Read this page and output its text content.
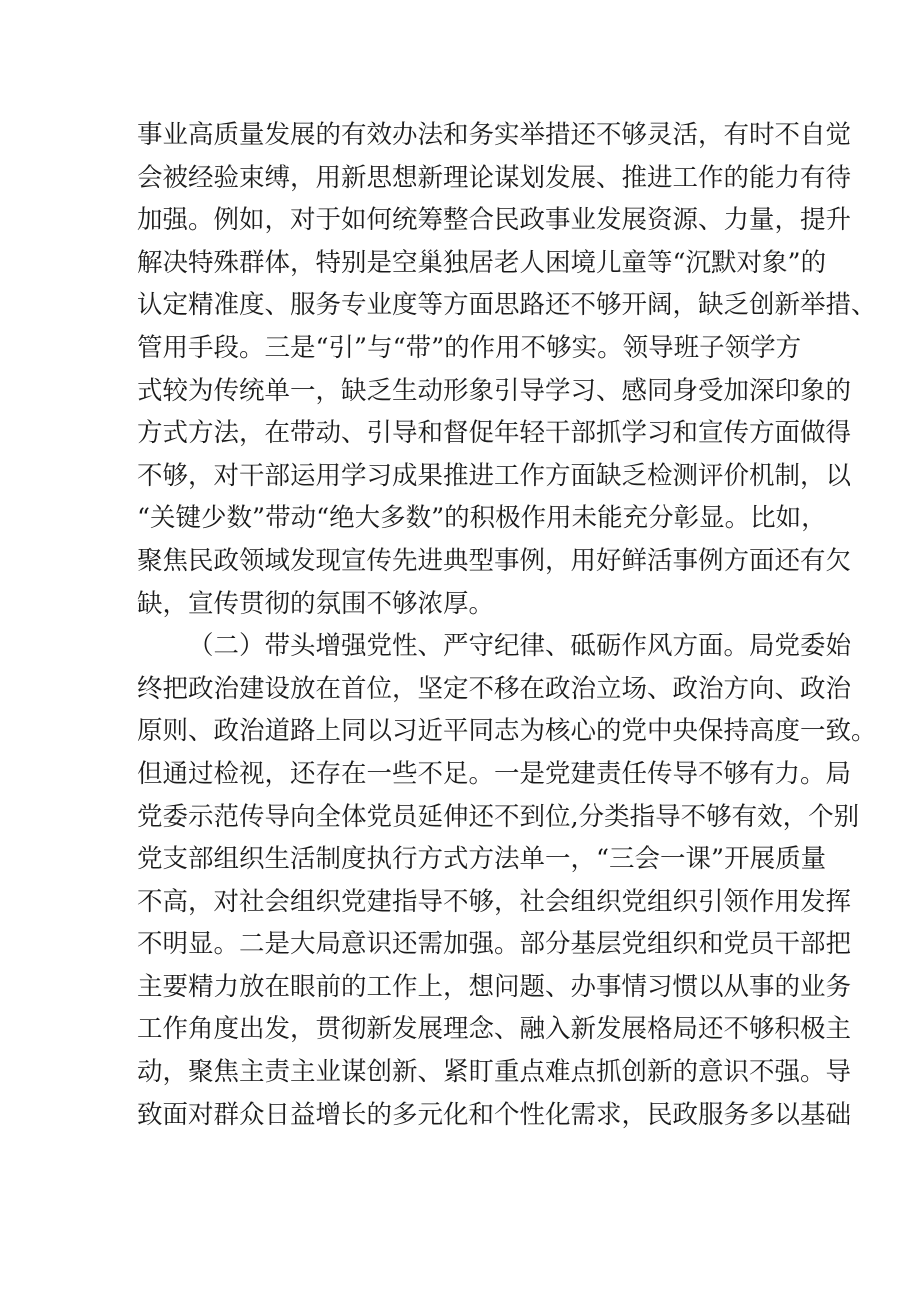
事业高质量发展的有效办法和务实举措还不够灵活，有时不自觉
会被经验束缚，用新思想新理论谋划发展、推进工作的能力有待
加强。例如，对于如何统筹整合民政事业发展资源、力量，提升
解决特殊群体，特别是空巢独居老人困境儿童等“沉默对象”的
认定精准度、服务专业度等方面思路还不够开阔，缺乏创新举措、
管用手段。三是“引”与“带”的作用不够实。领导班子领学方
式较为传统单一，缺乏生动形象引导学习、感同身受加深印象的
方式方法，在带动、引导和督促年轻干部抓学习和宣传方面做得
不够，对干部运用学习成果推进工作方面缺乏检测评价机制，以
“关键少数”带动“绝大多数”的积极作用未能充分彰显。比如，
聚焦民政领域发现宣传先进典型事例，用好鲜活事例方面还有欠
缺，宣传贯彻的氛围不够浓厚。
（二）带头增强党性、严守纪律、砥砺作风方面。局党委始
终把政治建设放在首位，坚定不移在政治立场、政治方向、政治
原则、政治道路上同以习近平同志为核心的党中央保持高度一致。
但通过检视，还存在一些不足。一是党建责任传导不够有力。局
党委示范传导向全体党员延伸还不到位,分类指导不够有效，个别
党支部组织生活制度执行方式方法单一，“三会一课”开展质量
不高，对社会组织党建指导不够，社会组织党组织引领作用发挥
不明显。二是大局意识还需加强。部分基层党组织和党员干部把
主要精力放在眼前的工作上，想问题、办事情习惯以从事的业务
工作角度出发，贯彻新发展理念、融入新发展格局还不够积极主
动，聚焦主责主业谋创新、紧盯重点难点抓创新的意识不强。导
致面对群众日益增长的多元化和个性化需求，民政服务多以基础
